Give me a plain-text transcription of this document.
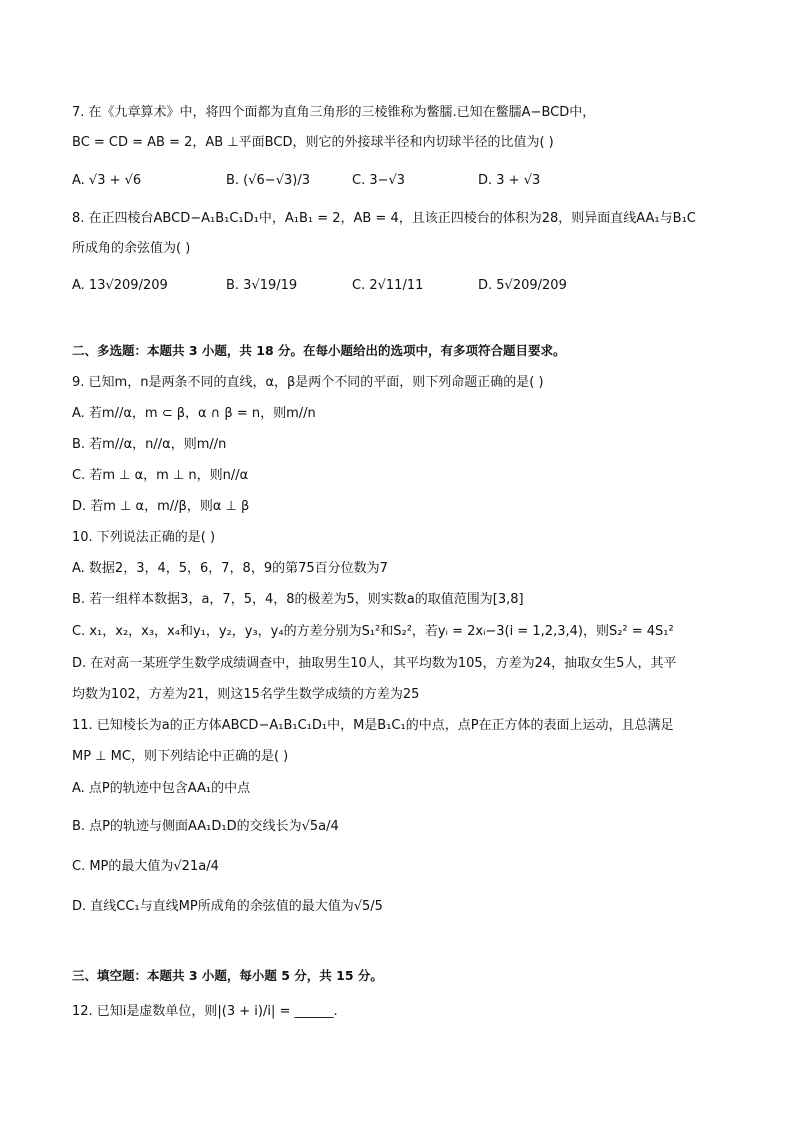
7. 在《九章算术》中，将四个面都为直角三角形的三棱锥称为鳖臑.已知在鳖臑A−BCD中，
BC = CD = AB = 2，AB ⊥平面BCD，则它的外接球半径和内切球半径的比值为( )
A. √3 + √6	B. (√6−√3)/3	C. 3−√3	D. 3 + √3
8. 在正四棱台ABCD−A₁B₁C₁D₁中，A₁B₁ = 2，AB = 4，且该正四棱台的体积为28，则异面直线AA₁与B₁C
所成角的余弦值为( )
A. 13√209/209	B. 3√19/19	C. 2√11/11	D. 5√209/209
二、多选题：本题共 3 小题，共 18 分。在每小题给出的选项中，有多项符合题目要求。
9. 已知m，n是两条不同的直线，α，β是两个不同的平面，则下列命题正确的是( )
A. 若m//α，m ⊂ β，α ∩ β = n，则m//n
B. 若m//α，n//α，则m//n
C. 若m ⊥ α，m ⊥ n，则n//α
D. 若m ⊥ α，m//β，则α ⊥ β
10. 下列说法正确的是( )
A. 数据2，3，4，5，6，7，8，9的第75百分位数为7
B. 若一组样本数据3，a，7，5，4，8的极差为5，则实数a的取值范围为[3,8]
C. x₁，x₂，x₃，x₄和y₁，y₂，y₃，y₄的方差分别为S₁²和S₂²，若yᵢ = 2xᵢ−3(i = 1,2,3,4)，则S₂² = 4S₁²
D. 在对高一某班学生数学成绩调查中，抽取男生10人，其平均数为105，方差为24，抽取女生5人，其平
均数为102，方差为21，则这15名学生数学成绩的方差为25
11. 已知棱长为a的正方体ABCD−A₁B₁C₁D₁中，M是B₁C₁的中点，点P在正方体的表面上运动，且总满足
MP ⊥ MC，则下列结论中正确的是( )
A. 点P的轨迹中包含AA₁的中点
B. 点P的轨迹与侧面AA₁D₁D的交线长为√5a/4
C. MP的最大值为√21a/4
D. 直线CC₁与直线MP所成角的余弦值的最大值为√5/5
三、填空题：本题共 3 小题，每小题 5 分，共 15 分。
12. 已知i是虚数单位，则|(3 + i)/i| = ______.
